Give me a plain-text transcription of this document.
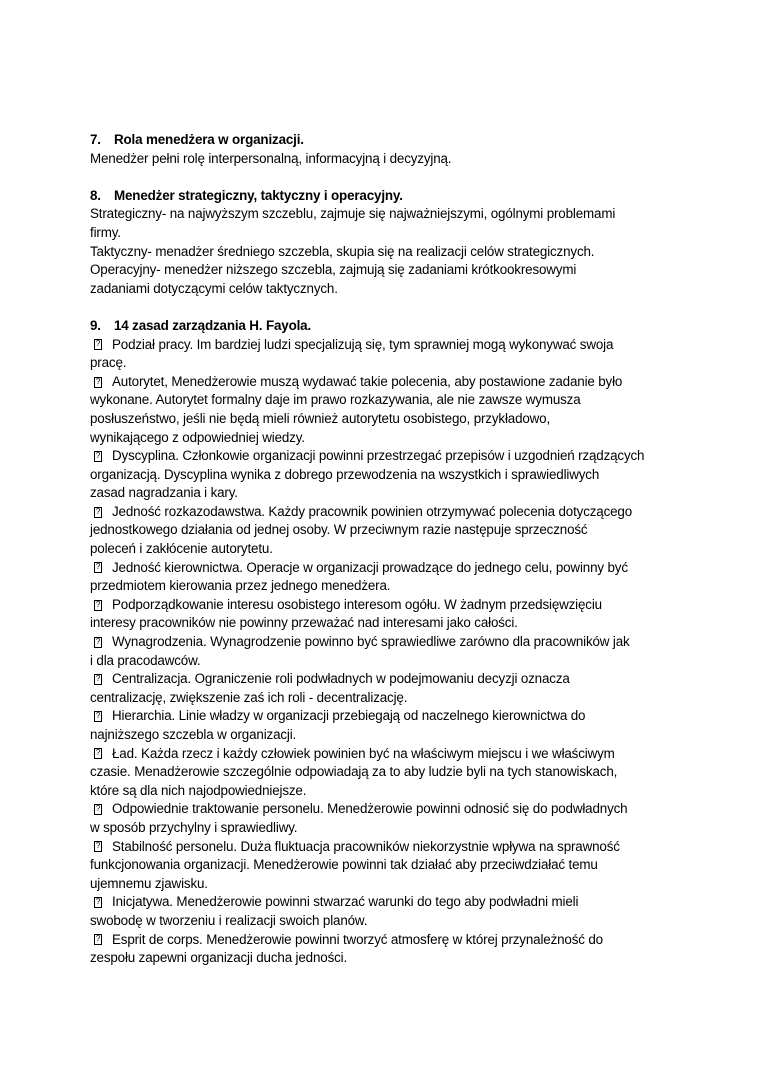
7. Rola menedżera w organizacji.
Menedżer pełni rolę interpersonalną, informacyjną i decyzyjną.
8. Menedżer strategiczny, taktyczny i operacyjny.
Strategiczny- na najwyższym szczeblu, zajmuje się najważniejszymi, ogólnymi problemami
firmy.
Taktyczny- menadżer średniego szczebla, skupia się na realizacji celów strategicznych.
Operacyjny- menedżer niższego szczebla, zajmują się zadaniami krótkookresowymi
zadaniami dotyczącymi celów taktycznych.
9. 14 zasad zarządzania H. Fayola.
?
Podział pracy. Im bardziej ludzi specjalizują się, tym sprawniej mogą wykonywać swoja
pracę.
?
Autorytet, Menedżerowie muszą wydawać takie polecenia, aby postawione zadanie było
wykonane. Autorytet formalny daje im prawo rozkazywania, ale nie zawsze wymusza
posłuszeństwo, jeśli nie będą mieli również autorytetu osobistego, przykładowo,
wynikającego z odpowiedniej wiedzy.
?
Dyscyplina. Członkowie organizacji powinni przestrzegać przepisów i uzgodnień rządzących
organizacją. Dyscyplina wynika z dobrego przewodzenia na wszystkich i sprawiedliwych
zasad nagradzania i kary.
?
Jedność rozkazodawstwa. Każdy pracownik powinien otrzymywać polecenia dotyczącego
jednostkowego działania od jednej osoby. W przeciwnym razie następuje sprzeczność
poleceń i zakłócenie autorytetu.
?
Jedność kierownictwa. Operacje w organizacji prowadzące do jednego celu, powinny być
przedmiotem kierowania przez jednego menedżera.
?
Podporządkowanie interesu osobistego interesom ogółu. W żadnym przedsięwzięciu
interesy pracowników nie powinny przeważać nad interesami jako całości.
?
Wynagrodzenia. Wynagrodzenie powinno być sprawiedliwe zarówno dla pracowników jak
i dla pracodawców.
?
Centralizacja. Ograniczenie roli podwładnych w podejmowaniu decyzji oznacza
centralizację, zwiększenie zaś ich roli - decentralizację.
?
Hierarchia. Linie władzy w organizacji przebiegają od naczelnego kierownictwa do
najniższego szczebla w organizacji.
?
Ład. Każda rzecz i każdy człowiek powinien być na właściwym miejscu i we właściwym
czasie. Menadżerowie szczególnie odpowiadają za to aby ludzie byli na tych stanowiskach,
które są dla nich najodpowiedniejsze.
?
Odpowiednie traktowanie personelu. Menedżerowie powinni odnosić się do podwładnych
w sposób przychylny i sprawiedliwy.
?
Stabilność personelu. Duża fluktuacja pracowników niekorzystnie wpływa na sprawność
funkcjonowania organizacji. Menedżerowie powinni tak działać aby przeciwdziałać temu
ujemnemu zjawisku.
?
Inicjatywa. Menedżerowie powinni stwarzać warunki do tego aby podwładni mieli
swobodę w tworzeniu i realizacji swoich planów.
?
Esprit de corps. Menedżerowie powinni tworzyć atmosferę w której przynależność do
zespołu zapewni organizacji ducha jedności.
